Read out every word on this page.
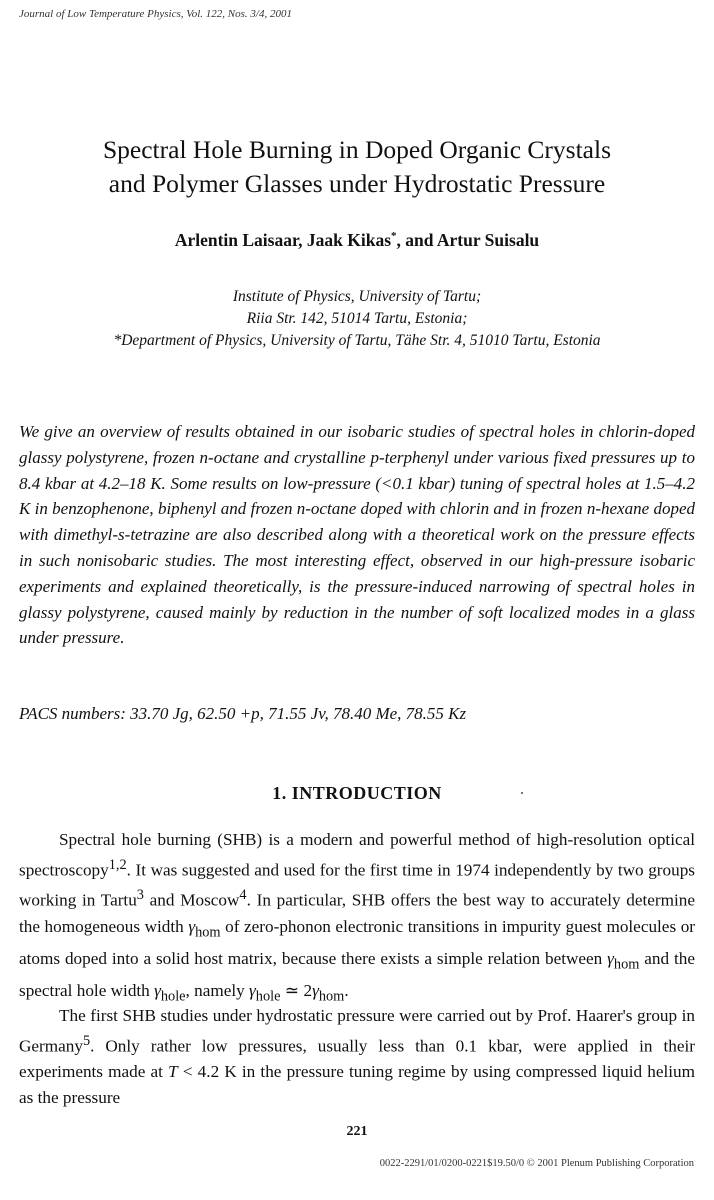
Journal of Low Temperature Physics, Vol. 122, Nos. 3/4, 2001
Spectral Hole Burning in Doped Organic Crystals
and Polymer Glasses under Hydrostatic Pressure
Arlentin Laisaar, Jaak Kikas*, and Artur Suisalu
Institute of Physics, University of Tartu;
Riia Str. 142, 51014 Tartu, Estonia;
*Department of Physics, University of Tartu, Tähe Str. 4, 51010 Tartu, Estonia
We give an overview of results obtained in our isobaric studies of spectral holes in chlorin-doped glassy polystyrene, frozen n-octane and crystalline p-terphenyl under various fixed pressures up to 8.4 kbar at 4.2–18 K. Some results on low-pressure (<0.1 kbar) tuning of spectral holes at 1.5–4.2 K in benzophenone, biphenyl and frozen n-octane doped with chlorin and in frozen n-hexane doped with dimethyl-s-tetrazine are also described along with a theoretical work on the pressure effects in such nonisobaric studies. The most interesting effect, observed in our high-pressure isobaric experiments and explained theoretically, is the pressure-induced narrowing of spectral holes in glassy polystyrene, caused mainly by reduction in the number of soft localized modes in a glass under pressure.
PACS numbers: 33.70 Jg, 62.50 +p, 71.55 Jv, 78.40 Me, 78.55 Kz
1. INTRODUCTION
Spectral hole burning (SHB) is a modern and powerful method of high-resolution optical spectroscopy$^{1,2}$. It was suggested and used for the first time in 1974 independently by two groups working in Tartu$^3$ and Moscow$^4$. In particular, SHB offers the best way to accurately determine the homogeneous width $\gamma_{hom}$ of zero-phonon electronic transitions in impurity guest molecules or atoms doped into a solid host matrix, because there exists a simple relation between $\gamma_{hom}$ and the spectral hole width $\gamma_{hole}$, namely $\gamma_{hole}$ ≃ $2\gamma_{hom}$.
The first SHB studies under hydrostatic pressure were carried out by Prof. Haarer's group in Germany$^5$. Only rather low pressures, usually less than 0.1 kbar, were applied in their experiments made at T < 4.2 K in the pressure tuning regime by using compressed liquid helium as the pressure
221
0022-2291/01/0200-0221$19.50/0 © 2001 Plenum Publishing Corporation
